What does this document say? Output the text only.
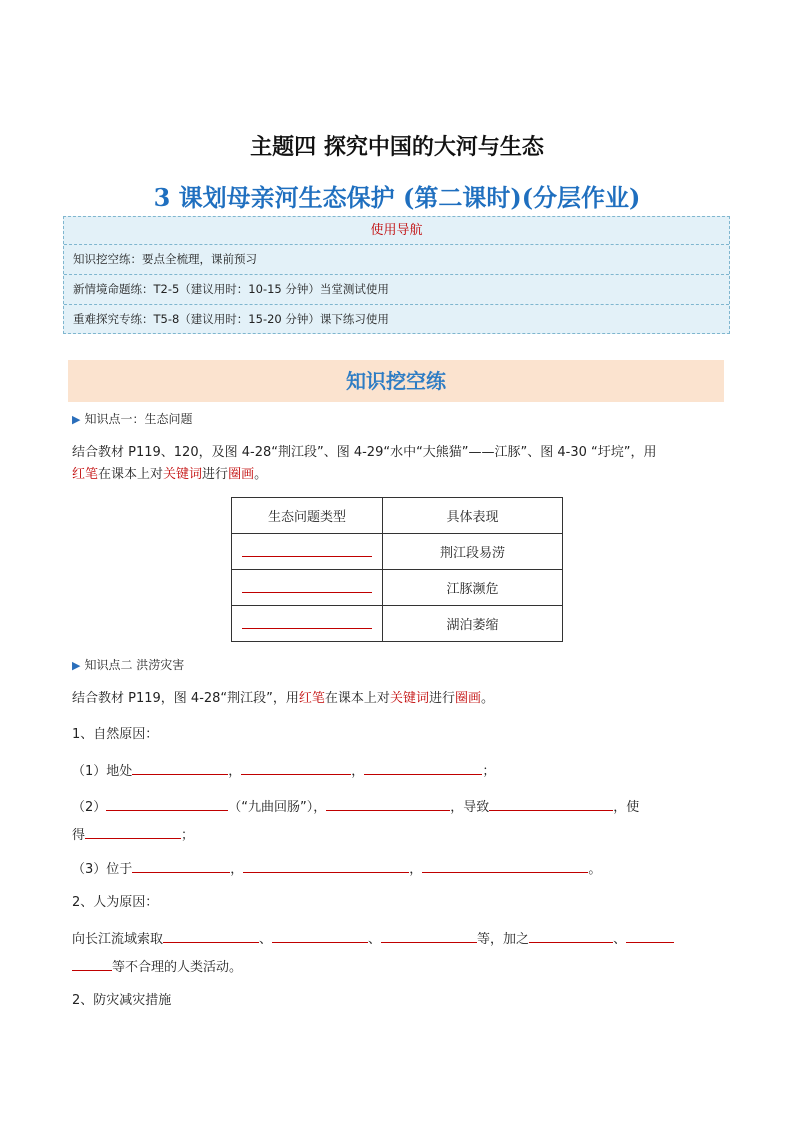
主题四 探究中国的大河与生态
3 课划母亲河生态保护 (第二课时)(分层作业)
使用导航
知识挖空练：要点全梳理，课前预习
新情境命题练：T2-5（建议用时：10-15 分钟）当堂测试使用
重难探究专练：T5-8（建议用时：15-20 分钟）课下练习使用
知识挖空练
▶ 知识点一：生态问题
结合教材 P119、120，及图 4-28“荆江段”、图 4-29“水中“大熊猫”——江豚”、图 4-30 “圩垸”，用
红笔在课本上对关键词进行圈画。
生态问题类型	具体表现
	荆江段易涝
	江豚濒危
	湖泊萎缩
▶ 知识点二 洪涝灾害
结合教材 P119，图 4-28“荆江段”，用红笔在课本上对关键词进行圈画。
1、自然原因：
（1）地处	，	，	；
（2）	（“九曲回肠”），	，导致	，使
得	；
（3）位于	，	，	。
2、人为原因：
向长江流域索取	、	、	等，加之	、
等不合理的人类活动。
2、防灾减灾措施
